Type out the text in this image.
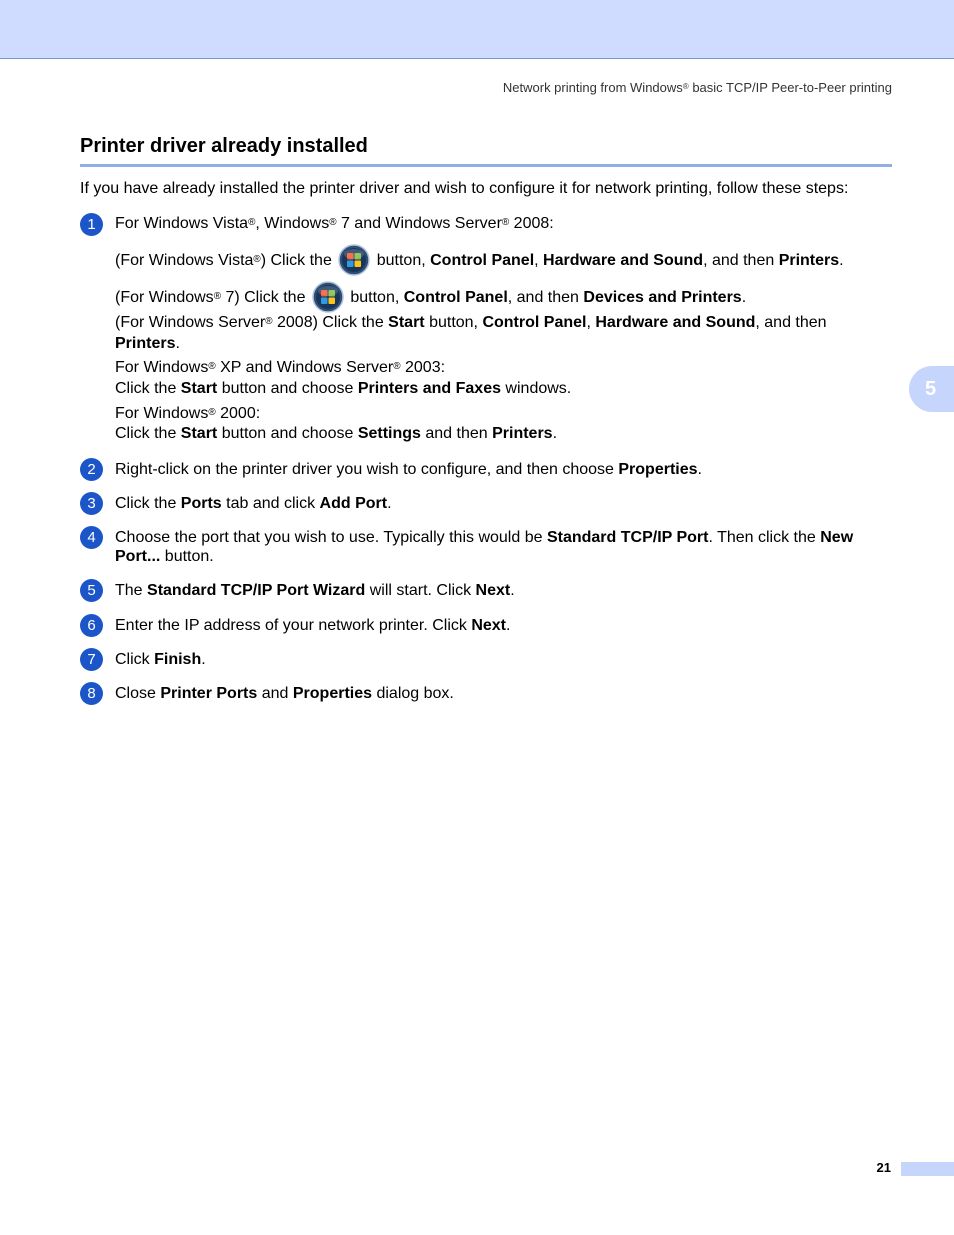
Network printing from Windows® basic TCP/IP Peer-to-Peer printing
Printer driver already installed
If you have already installed the printer driver and wish to configure it for network printing, follow these steps:
1	For Windows Vista®, Windows® 7 and Windows Server® 2008:
(For Windows Vista®) Click the  button, Control Panel, Hardware and Sound, and then Printers.
(For Windows® 7) Click the  button, Control Panel, and then Devices and Printers.
(For Windows Server® 2008) Click the Start button, Control Panel, Hardware and Sound, and then
Printers.
For Windows® XP and Windows Server® 2003:
Click the Start button and choose Printers and Faxes windows.
For Windows® 2000:
Click the Start button and choose Settings and then Printers.
2	Right-click on the printer driver you wish to configure, and then choose Properties.
3	Click the Ports tab and click Add Port.
4	Choose the port that you wish to use. Typically this would be Standard TCP/IP Port. Then click the New
Port... button.
5	The Standard TCP/IP Port Wizard will start. Click Next.
6	Enter the IP address of your network printer. Click Next.
7	Click Finish.
8	Close Printer Ports and Properties dialog box.
5
21
